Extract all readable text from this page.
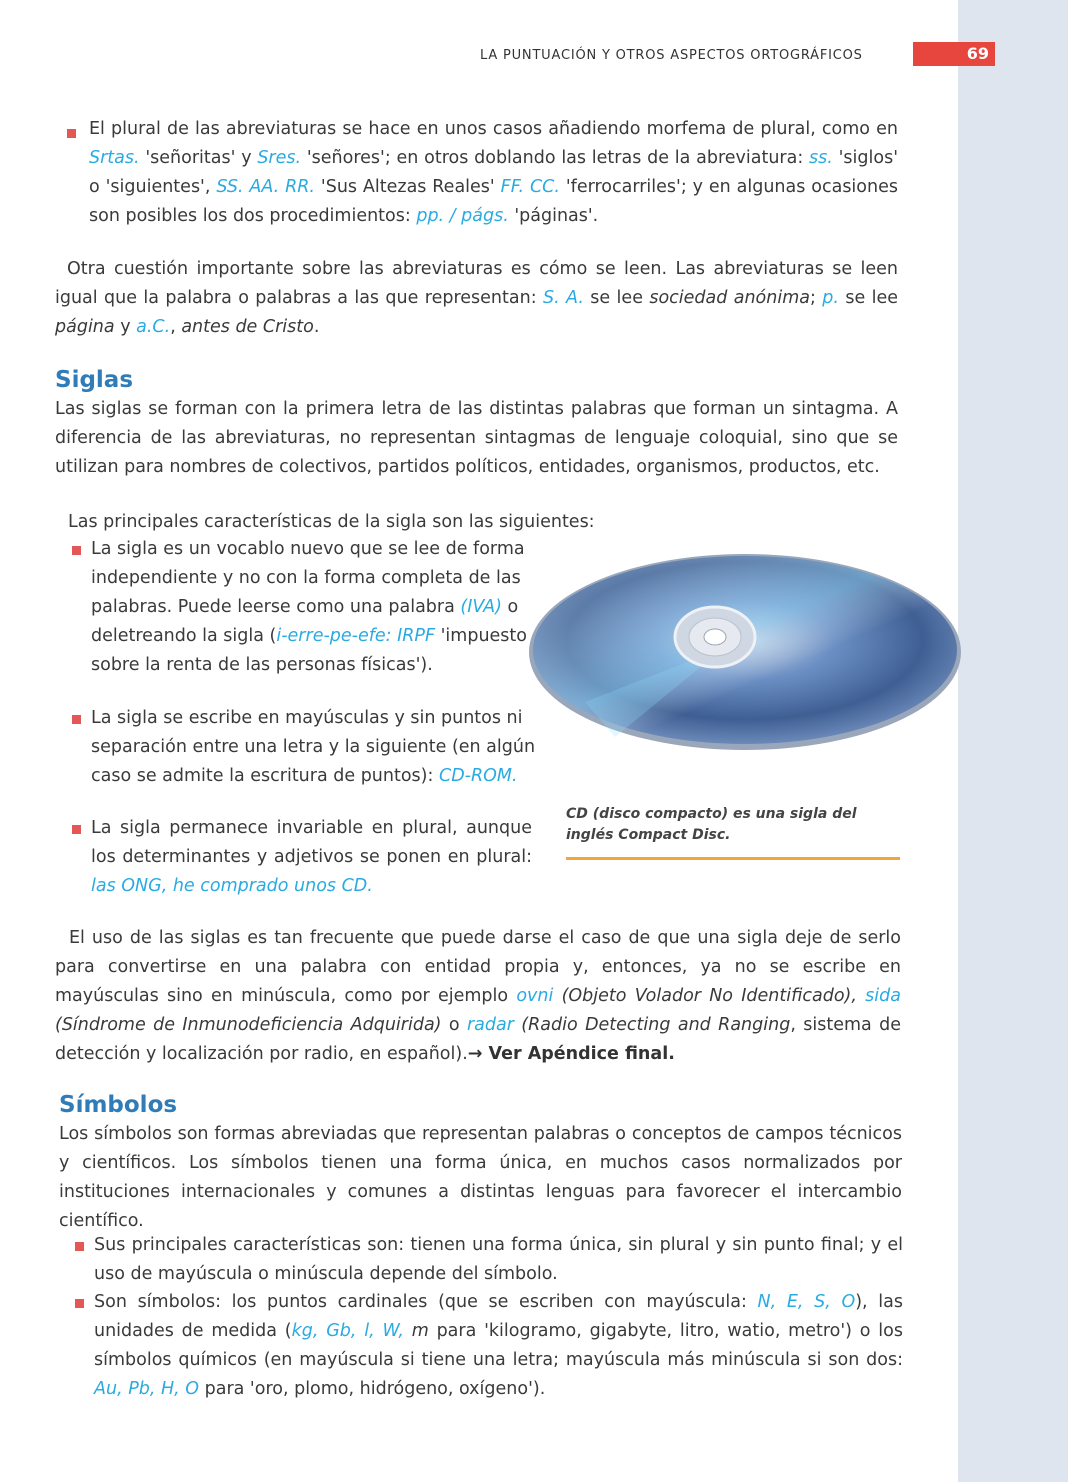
LA PUNTUACIÓN Y OTROS ASPECTOS ORTOGRÁFICOS	69
El plural de las abreviaturas se hace en unos casos añadiendo morfema de plural, como en Srtas. 'señoritas' y Sres. 'señores'; en otros doblando las letras de la abreviatura: ss. 'siglos' o 'siguientes', SS. AA. RR. 'Sus Altezas Reales' FF. CC. 'ferrocarriles'; y en algunas ocasiones son posibles los dos procedimientos: pp. / págs. 'páginas'.
Otra cuestión importante sobre las abreviaturas es cómo se leen. Las abreviaturas se leen igual que la palabra o palabras a las que representan: S. A. se lee sociedad anónima; p. se lee página y a.C., antes de Cristo.
Siglas
Las siglas se forman con la primera letra de las distintas palabras que forman un sintagma. A diferencia de las abreviaturas, no representan sintagmas de lenguaje coloquial, sino que se utilizan para nombres de colectivos, partidos políticos, entidades, organismos, productos, etc.
Las principales características de la sigla son las siguientes:
La sigla es un vocablo nuevo que se lee de forma independiente y no con la forma completa de las palabras. Puede leerse como una palabra (IVA) o deletreando la sigla (i-erre-pe-efe: IRPF 'impuesto sobre la renta de las personas físicas').
La sigla se escribe en mayúsculas y sin puntos ni separación entre una letra y la siguiente (en algún caso se admite la escritura de puntos): CD-ROM.
La sigla permanece invariable en plural, aunque los determinantes y adjetivos se ponen en plural: las ONG, he comprado unos CD.
CD (disco compacto) es una sigla del inglés Compact Disc.
El uso de las siglas es tan frecuente que puede darse el caso de que una sigla deje de serlo para convertirse en una palabra con entidad propia y, entonces, ya no se escribe en mayúsculas sino en minúscula, como por ejemplo ovni (Objeto Volador No Identificado), sida (Síndrome de Inmunodeficiencia Adquirida) o radar (Radio Detecting and Ranging, sistema de detección y localización por radio, en español).→ Ver Apéndice final.
Símbolos
Los símbolos son formas abreviadas que representan palabras o conceptos de campos técnicos y científicos. Los símbolos tienen una forma única, en muchos casos normalizados por instituciones internacionales y comunes a distintas lenguas para favorecer el intercambio científico.
Sus principales características son: tienen una forma única, sin plural y sin punto final; y el uso de mayúscula o minúscula depende del símbolo.
Son símbolos: los puntos cardinales (que se escriben con mayúscula: N, E, S, O), las unidades de medida (kg, Gb, l, W, m para 'kilogramo, gigabyte, litro, watio, metro') o los símbolos químicos (en mayúscula si tiene una letra; mayúscula más minúscula si son dos: Au, Pb, H, O para 'oro, plomo, hidrógeno, oxígeno').
